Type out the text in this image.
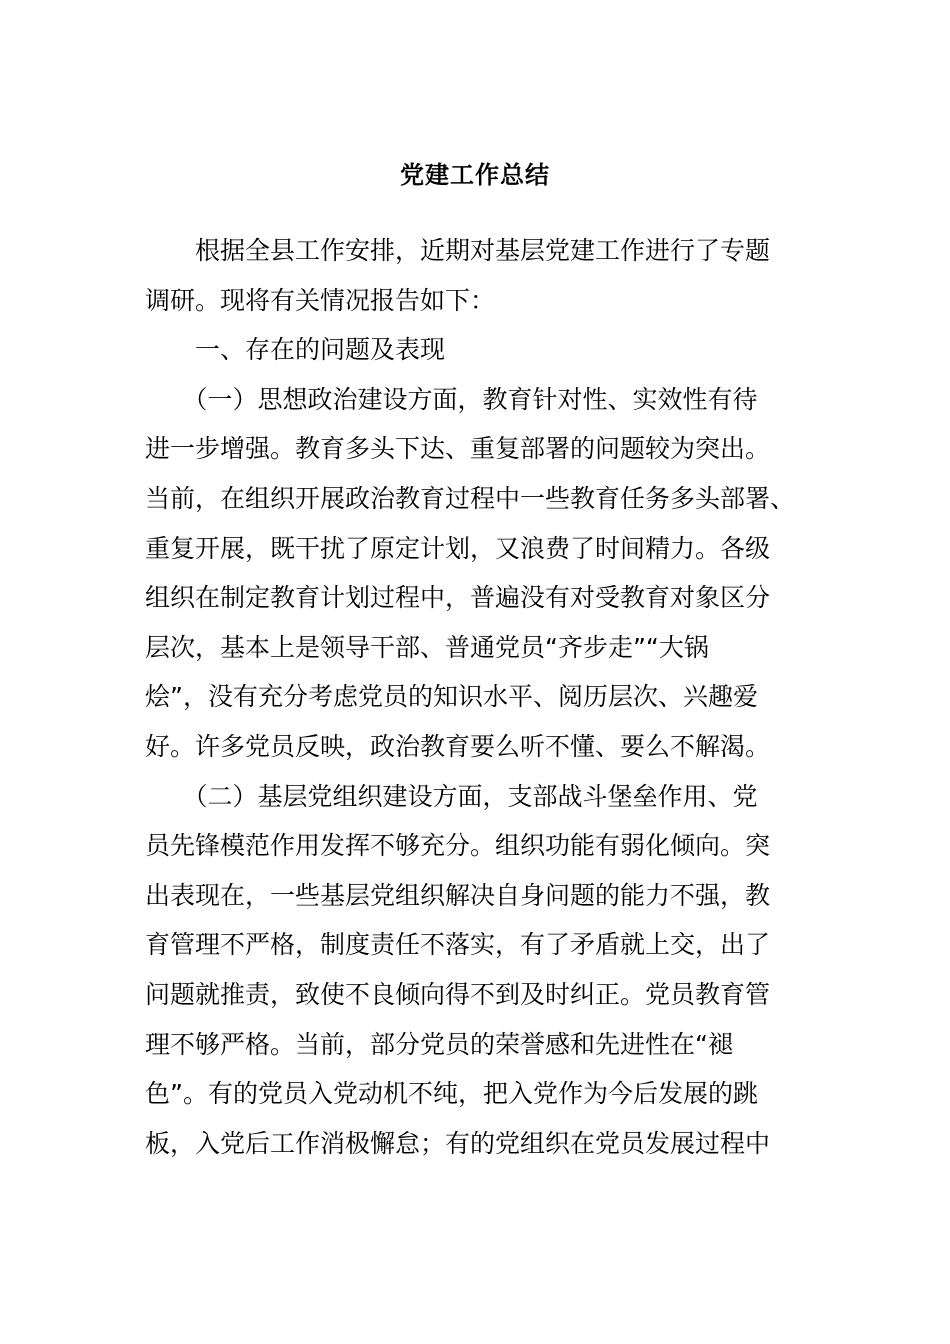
党建工作总结
　　根据全县工作安排，近期对基层党建工作进行了专题
调研。现将有关情况报告如下：
　　一、存在的问题及表现
　　（一）思想政治建设方面，教育针对性、实效性有待
进一步增强。教育多头下达、重复部署的问题较为突出。
当前，在组织开展政治教育过程中一些教育任务多头部署、
重复开展，既干扰了原定计划，又浪费了时间精力。各级
组织在制定教育计划过程中，普遍没有对受教育对象区分
层次，基本上是领导干部、普通党员“齐步走”“大锅
烩”，没有充分考虑党员的知识水平、阅历层次、兴趣爱
好。许多党员反映，政治教育要么听不懂、要么不解渴。
　　（二）基层党组织建设方面，支部战斗堡垒作用、党
员先锋模范作用发挥不够充分。组织功能有弱化倾向。突
出表现在，一些基层党组织解决自身问题的能力不强，教
育管理不严格，制度责任不落实，有了矛盾就上交，出了
问题就推责，致使不良倾向得不到及时纠正。党员教育管
理不够严格。当前，部分党员的荣誉感和先进性在“褪
色”。有的党员入党动机不纯，把入党作为今后发展的跳
板，入党后工作消极懈怠；有的党组织在党员发展过程中
